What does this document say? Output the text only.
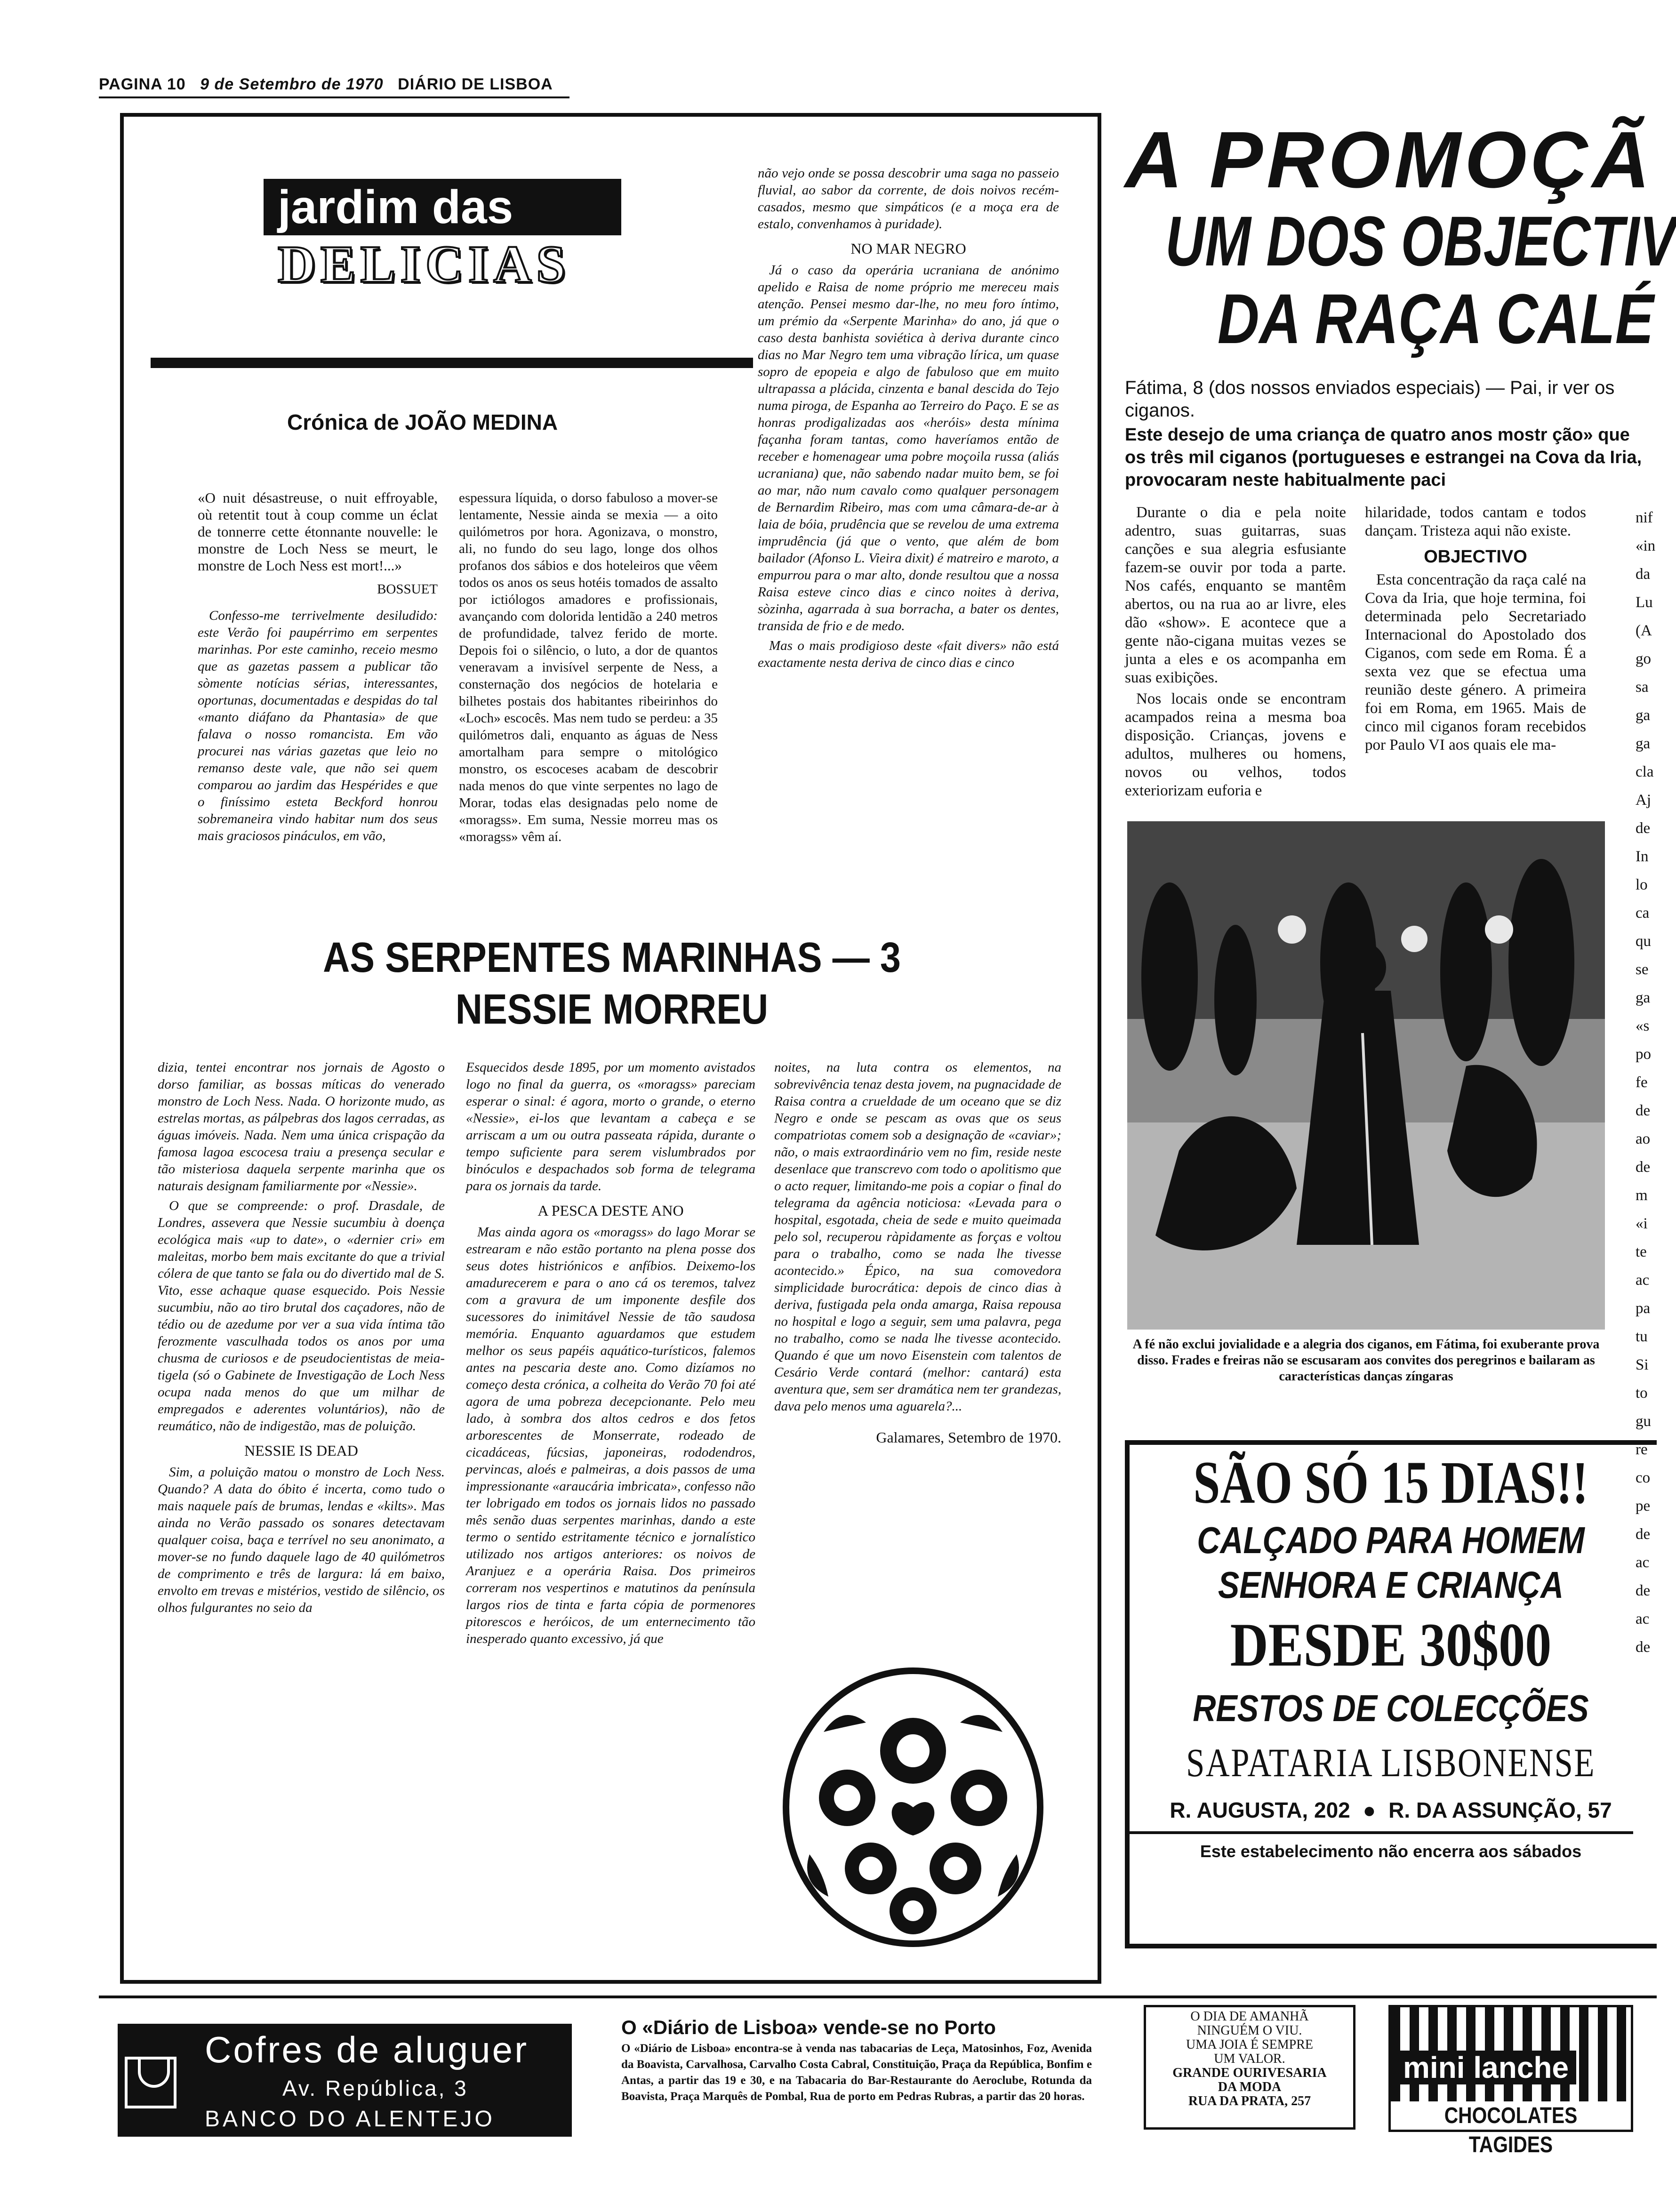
PAGINA 10 9 de Setembro de 1970 DIÁRIO DE LISBOA
jardim das
DELICIAS
Crónica de JOÃO MEDINA

«O nuit désastreuse, o nuit effroyable, où retentit tout à coup comme un éclat de tonnerre cette étonnante nouvelle: le monstre de Loch Ness se meurt, le monstre de Loch Ness est mort!...»

BOSSUET

Confesso-me terrivelmente desiludido: este Verão foi paupérrimo em serpentes marinhas. Por este caminho, receio mesmo que as gazetas passem a publicar tão sòmente notícias sérias, interessantes, oportunas, documentadas e despidas do tal «manto diáfano da Phantasia» de que falava o nosso romancista. Em vão procurei nas várias gazetas que leio no remanso deste vale, que não sei quem comparou ao jardim das Hespérides e que o finíssimo esteta Beckford honrou sobremaneira vindo habitar num dos seus mais graciosos pináculos, em vão,

espessura líquida, o dorso fabuloso a mover-se lentamente, Nessie ainda se mexia — a oito quilómetros por hora. Agonizava, o monstro, ali, no fundo do seu lago, longe dos olhos profanos dos sábios e dos hoteleiros que vêem todos os anos os seus hotéis tomados de assalto por ictiólogos amadores e profissionais, avançando com dolorida lentidão a 240 metros de profundidade, talvez ferido de morte. Depois foi o silêncio, o luto, a dor de quantos veneravam a invisível serpente de Ness, a consternação dos negócios de hotelaria e bilhetes postais dos habitantes ribeirinhos do «Loch» escocês. Mas nem tudo se perdeu: a 35 quilómetros dali, enquanto as águas de Ness amortalham para sempre o mitológico monstro, os escoceses acabam de descobrir nada menos do que vinte serpentes no lago de Morar, todas elas designadas pelo nome de «moragss». Em suma, Nessie morreu mas os «moragss» vêm aí.

não vejo onde se possa descobrir uma saga no passeio fluvial, ao sabor da corrente, de dois noivos recém-casados, mesmo que simpáticos (e a moça era de estalo, convenhamos à puridade).

NO MAR NEGRO

Já o caso da operária ucraniana de anónimo apelido e Raisa de nome próprio me mereceu mais atenção. Pensei mesmo dar-lhe, no meu foro íntimo, um prémio da «Serpente Marinha» do ano, já que o caso desta banhista soviética à deriva durante cinco dias no Mar Negro tem uma vibração lírica, um quase sopro de epopeia e algo de fabuloso que em muito ultrapassa a plácida, cinzenta e banal descida do Tejo numa piroga, de Espanha ao Terreiro do Paço. E se as honras prodigalizadas aos «heróis» desta mínima façanha foram tantas, como haveríamos então de receber e homenagear uma pobre moçoila russa (aliás ucraniana) que, não sabendo nadar muito bem, se foi ao mar, não num cavalo como qualquer personagem de Bernardim Ribeiro, mas com uma câmara-de-ar à laia de bóia, prudência que se revelou de uma extrema imprudência (já que o vento, que além de bom bailador (Afonso L. Vieira dixit) é matreiro e maroto, a empurrou para o mar alto, donde resultou que a nossa Raisa esteve cinco dias e cinco noites à deriva, sòzinha, agarrada à sua borracha, a bater os dentes, transida de frio e de medo.

Mas o mais prodigioso deste «fait divers» não está exactamente nesta deriva de cinco dias e cinco

AS SERPENTES MARINHAS — 3
NESSIE MORREU

dizia, tentei encontrar nos jornais de Agosto o dorso familiar, as bossas míticas do venerado monstro de Loch Ness. Nada. O horizonte mudo, as estrelas mortas, as pálpebras dos lagos cerradas, as águas imóveis. Nada. Nem uma única crispação da famosa lagoa escocesa traiu a presença secular e tão misteriosa daquela serpente marinha que os naturais designam familiarmente por «Nessie».

O que se compreende: o prof. Drasdale, de Londres, assevera que Nessie sucumbiu à doença ecológica mais «up to date», o «dernier cri» em maleitas, morbo bem mais excitante do que a trivial cólera de que tanto se fala ou do divertido mal de S. Vito, esse achaque quase esquecido. Pois Nessie sucumbiu, não ao tiro brutal dos caçadores, não de tédio ou de azedume por ver a sua vida íntima tão ferozmente vasculhada todos os anos por uma chusma de curiosos e de pseudocientistas de meia-tigela (só o Gabinete de Investigação de Loch Ness ocupa nada menos do que um milhar de empregados e aderentes voluntários), não de reumático, não de indigestão, mas de poluição.

NESSIE IS DEAD

Sim, a poluição matou o monstro de Loch Ness. Quando? A data do óbito é incerta, como tudo o mais naquele país de brumas, lendas e «kilts». Mas ainda no Verão passado os sonares detectavam qualquer coisa, baça e terrível no seu anonimato, a mover-se no fundo daquele lago de 40 quilómetros de comprimento e três de largura: lá em baixo, envolto em trevas e mistérios, vestido de silêncio, os olhos fulgurantes no seio da

Esquecidos desde 1895, por um momento avistados logo no final da guerra, os «moragss» pareciam esperar o sinal: é agora, morto o grande, o eterno «Nessie», ei-los que levantam a cabeça e se arriscam a um ou outra passeata rápida, durante o tempo suficiente para serem vislumbrados por binóculos e despachados sob forma de telegrama para os jornais da tarde.

A PESCA DESTE ANO

Mas ainda agora os «moragss» do lago Morar se estrearam e não estão portanto na plena posse dos seus dotes histriónicos e anfíbios. Deixemo-los amadurecerem e para o ano cá os teremos, talvez com a gravura de um imponente desfile dos sucessores do inimitável Nessie de tão saudosa memória. Enquanto aguardamos que estudem melhor os seus papéis aquático-turísticos, falemos antes na pescaria deste ano. Como dizíamos no começo desta crónica, a colheita do Verão 70 foi até agora de uma pobreza decepcionante. Pelo meu lado, à sombra dos altos cedros e dos fetos arborescentes de Monserrate, rodeado de cicadáceas, fúcsias, japoneiras, rododendros, pervincas, aloés e palmeiras, a dois passos de uma impressionante «araucária imbricata», confesso não ter lobrigado em todos os jornais lidos no passado mês senão duas serpentes marinhas, dando a este termo o sentido estritamente técnico e jornalístico utilizado nos artigos anteriores: os noivos de Aranjuez e a operária Raisa. Dos primeiros correram nos vespertinos e matutinos da península largos rios de tinta e farta cópia de pormenores pitorescos e heróicos, de um enternecimento tão inesperado quanto excessivo, já que

noites, na luta contra os elementos, na sobrevivência tenaz desta jovem, na pugnacidade de Raisa contra a crueldade de um oceano que se diz Negro e onde se pescam as ovas que os seus compatriotas comem sob a designação de «caviar»; não, o mais extraordinário vem no fim, reside neste desenlace que transcrevo com todo o apolitismo que o acto requer, limitando-me pois a copiar o final do telegrama da agência noticiosa: «Levada para o hospital, esgotada, cheia de sede e muito queimada pelo sol, recuperou ràpidamente as forças e voltou para o trabalho, como se nada lhe tivesse acontecido.» Épico, na sua comovedora simplicidade burocrática: depois de cinco dias à deriva, fustigada pela onda amarga, Raisa repousa no hospital e logo a seguir, sem uma palavra, pega no trabalho, como se nada lhe tivesse acontecido. Quando é que um novo Eisenstein com talentos de Cesário Verde contará (melhor: cantará) esta aventura que, sem ser dramática nem ter grandezas, dava pelo menos uma aguarela?...

Galamares, Setembro de 1970.
A PROMOÇÃ
UM DOS OBJECTIV
DA RAÇA CALÉ
Fátima, 8 (dos nossos enviados especiais) — Pai, ir ver os ciganos.
Este desejo de uma criança de quatro anos mostr ção» que os três mil ciganos (portugueses e estrangei na Cova da Iria, provocaram neste habitualmente paci

Durante o dia e pela noite adentro, suas guitarras, suas canções e sua alegria esfusiante fazem-se ouvir por toda a parte. Nos cafés, enquanto se mantêm abertos, ou na rua ao ar livre, eles dão «show». E acontece que a gente não-cigana muitas vezes se junta a eles e os acompanha em suas exibições.

Nos locais onde se encontram acampados reina a mesma boa disposição. Crianças, jovens e adultos, mulheres ou homens, novos ou velhos, todos exteriorizam euforia e

hilaridade, todos cantam e todos dançam. Tristeza aqui não existe.

OBJECTIVO

Esta concentração da raça calé na Cova da Iria, que hoje termina, foi determinada pelo Secretariado Internacional do Apostolado dos Ciganos, com sede em Roma. É a sexta vez que se efectua uma reunião deste género. A primeira foi em Roma, em 1965. Mais de cinco mil ciganos foram recebidos por Paulo VI aos quais ele ma-

nif «in da Lu (A go sa ga ga cla Aj de In lo ca qu se ga «s po fe de ao de m «i te ac pa tu Si to gu re co pe de ac de ac de
A fé não exclui jovialidade e a alegria dos ciganos, em Fátima, foi exuberante prova disso. Frades e freiras não se escusaram aos convites dos peregrinos e bailaram as características danças zíngaras
SÃO SÓ 15 DIAS!!
CALÇADO PARA HOMEM
SENHORA E CRIANÇA
DESDE 30$00
RESTOS DE COLECÇÕES
SAPATARIA LISBONENSE
R. AUGUSTA, 202 ● R. DA ASSUNÇÃO, 57
Este estabelecimento não encerra aos sábados
Cofres de aluguer
Av. República, 3
BANCO DO ALENTEJO
O «Diário de Lisboa» vende-se no Porto
O «Diário de Lisboa» encontra-se à venda nas tabacarias de Leça, Matosinhos, Foz, Avenida da Boavista, Carvalhosa, Carvalho Costa Cabral, Constituição, Praça da República, Bonfim e Antas, a partir das 19 e 30, e na Tabacaria do Bar-Restaurante do Aeroclube, Rotunda da Boavista, Praça Marquês de Pombal, Rua de porto em Pedras Rubras, a partir das 20 horas.
O DIA DE AMANHÃ
NINGUÉM O VIU.
UMA JOIA É SEMPRE
UM VALOR.
GRANDE OURIVESARIA
DA MODA
RUA DA PRATA, 257
mini lanche
CHOCOLATES TAGIDES
